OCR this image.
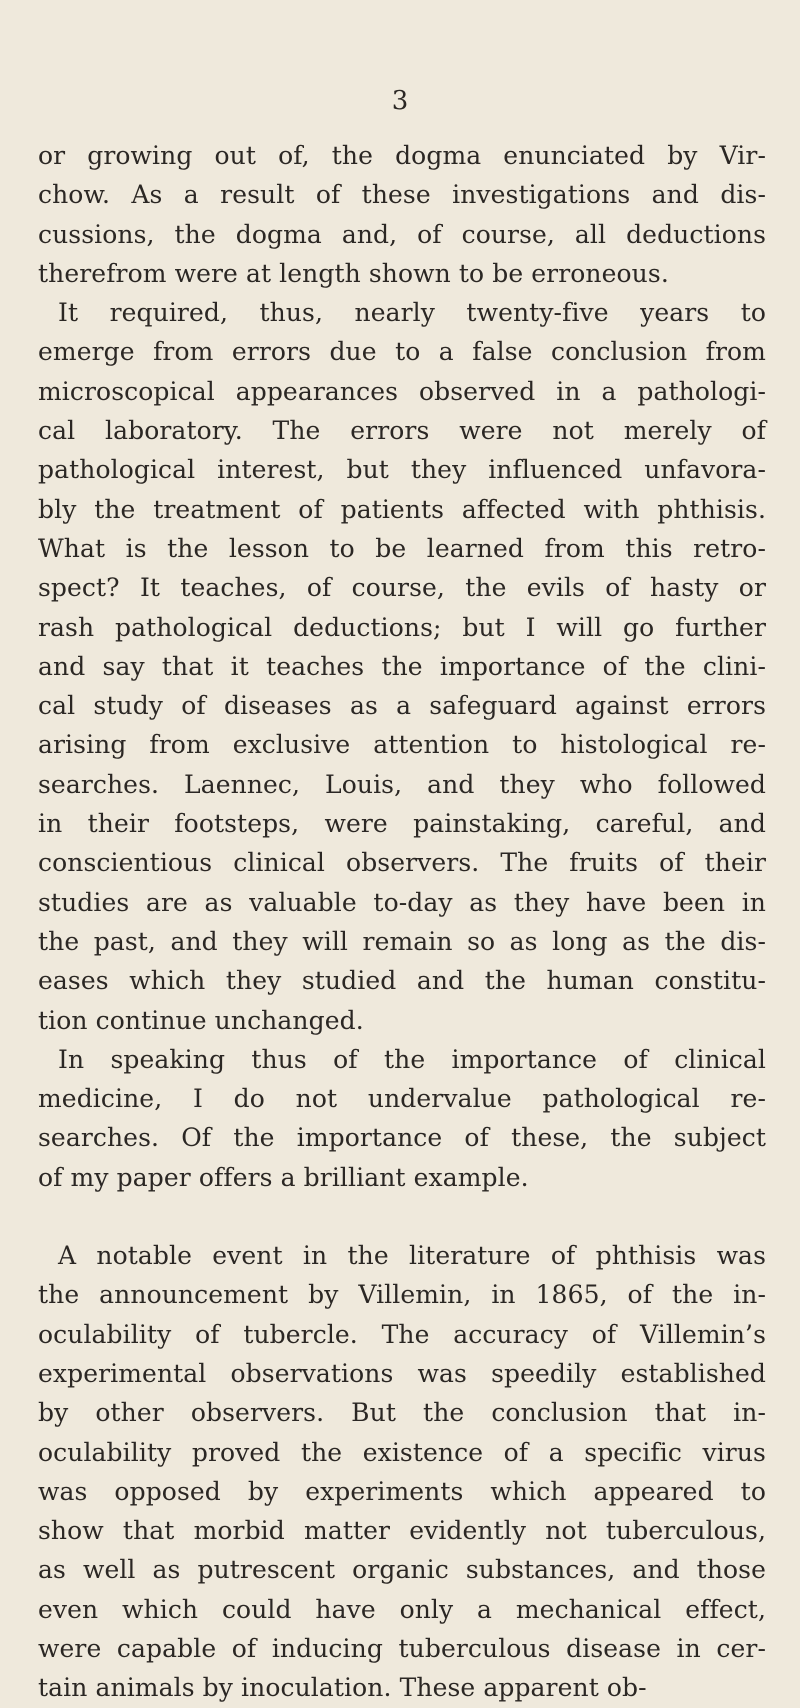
3
or growing out of, the dogma enunciated by Vir-
chow. As a result of these investigations and dis-
cussions, the dogma and, of course, all deductions
therefrom were at length shown to be erroneous.
It required, thus, nearly twenty-five years to
emerge from errors due to a false conclusion from
microscopical appearances observed in a pathologi-
cal laboratory. The errors were not merely of
pathological interest, but they influenced unfavora-
bly the treatment of patients affected with phthisis.
What is the lesson to be learned from this retro-
spect? It teaches, of course, the evils of hasty or
rash pathological deductions; but I will go further
and say that it teaches the importance of the clini-
cal study of diseases as a safeguard against errors
arising from exclusive attention to histological re-
searches. Laennec, Louis, and they who followed
in their footsteps, were painstaking, careful, and
conscientious clinical observers. The fruits of their
studies are as valuable to-day as they have been in
the past, and they will remain so as long as the dis-
eases which they studied and the human constitu-
tion continue unchanged.
In speaking thus of the importance of clinical
medicine, I do not undervalue pathological re-
searches. Of the importance of these, the subject
of my paper offers a brilliant example.
A notable event in the literature of phthisis was
the announcement by Villemin, in 1865, of the in-
oculability of tubercle. The accuracy of Villemin’s
experimental observations was speedily established
by other observers. But the conclusion that in-
oculability proved the existence of a specific virus
was opposed by experiments which appeared to
show that morbid matter evidently not tuberculous,
as well as putrescent organic substances, and those
even which could have only a mechanical effect,
were capable of inducing tuberculous disease in cer-
tain animals by inoculation. These apparent ob-
